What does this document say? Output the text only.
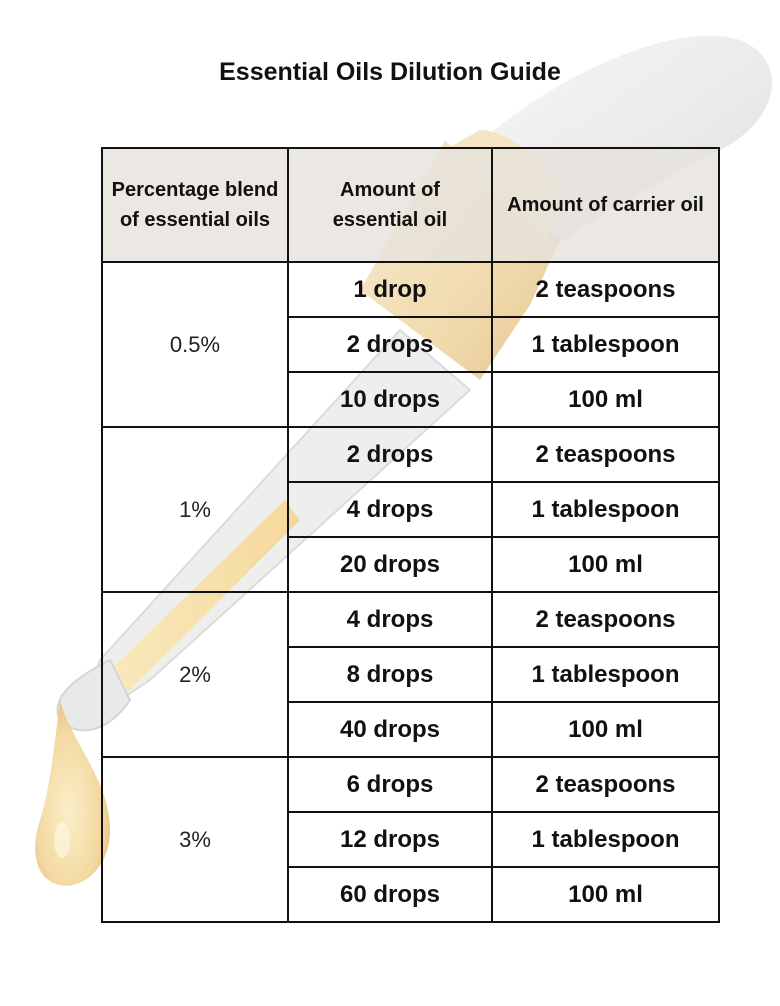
Essential Oils Dilution Guide
Percentage blend of essential oils	Amount of essential oil	Amount of carrier oil

0.5%	1 drop	2 teaspoons
	2 drops	1 tablespoon
	10 drops	100 ml
1%	2 drops	2 teaspoons
	4 drops	1 tablespoon
	20 drops	100 ml
2%	4 drops	2 teaspoons
	8 drops	1 tablespoon
	40 drops	100 ml
3%	6 drops	2 teaspoons
	12 drops	1 tablespoon
	60 drops	100 ml
